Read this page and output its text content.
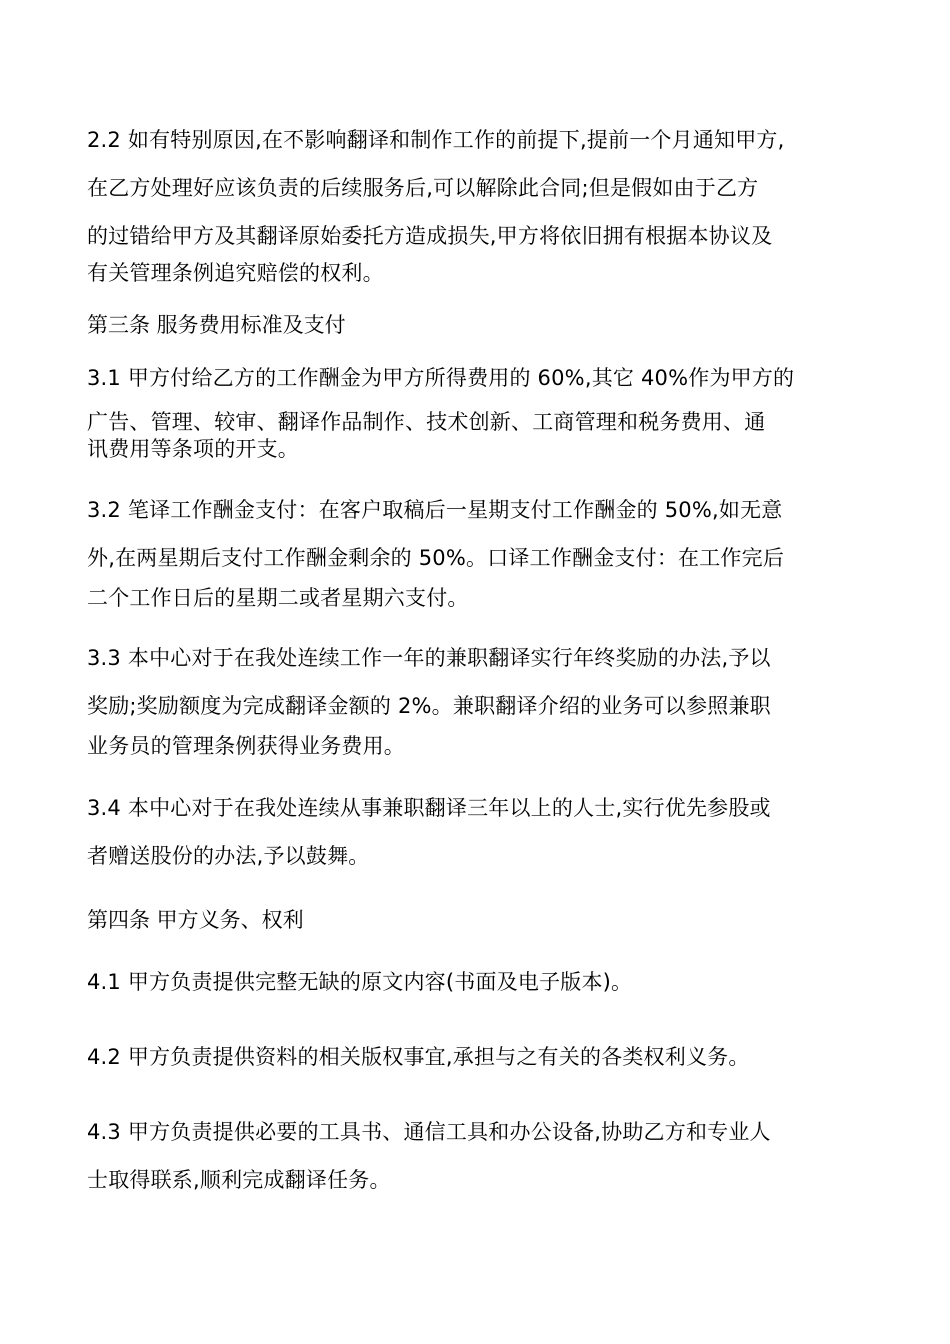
2.2 如有特别原因,在不影响翻译和制作工作的前提下,提前一个月通知甲方,
在乙方处理好应该负责的后续服务后,可以解除此合同;但是假如由于乙方
的过错给甲方及其翻译原始委托方造成损失,甲方将依旧拥有根据本协议及
有关管理条例追究赔偿的权利。
第三条 服务费用标准及支付
3.1 甲方付给乙方的工作酬金为甲方所得费用的 60%,其它 40%作为甲方的
广告、管理、较审、翻译作品制作、技术创新、工商管理和税务费用、通
讯费用等条项的开支。
3.2 笔译工作酬金支付：在客户取稿后一星期支付工作酬金的 50%,如无意
外,在两星期后支付工作酬金剩余的 50%。口译工作酬金支付：在工作完后
二个工作日后的星期二或者星期六支付。
3.3 本中心对于在我处连续工作一年的兼职翻译实行年终奖励的办法,予以
奖励;奖励额度为完成翻译金额的 2%。兼职翻译介绍的业务可以参照兼职
业务员的管理条例获得业务费用。
3.4 本中心对于在我处连续从事兼职翻译三年以上的人士,实行优先参股或
者赠送股份的办法,予以鼓舞。
第四条 甲方义务、权利
4.1 甲方负责提供完整无缺的原文内容(书面及电子版本)。
4.2 甲方负责提供资料的相关版权事宜,承担与之有关的各类权利义务。
4.3 甲方负责提供必要的工具书、通信工具和办公设备,协助乙方和专业人
士取得联系,顺利完成翻译任务。
